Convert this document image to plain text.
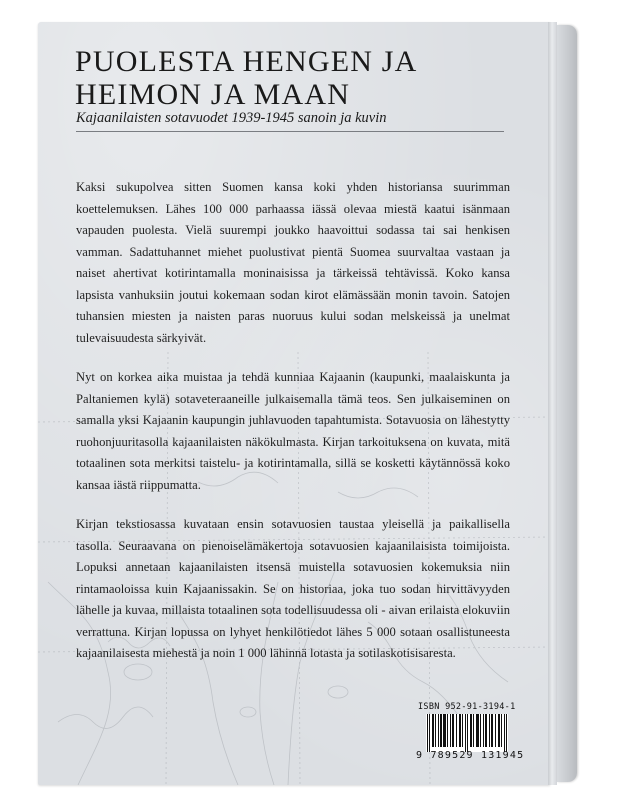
PUOLESTA HENGEN JA
HEIMON JA MAAN

Kajaanilaisten sotavuodet 1939-1945 sanoin ja kuvin

Kaksi sukupolvea sitten Suomen kansa koki yhden historiansa suurimman koettelemuksen. Lähes 100 000 parhaassa iässä olevaa miestä kaatui isänmaan vapauden puolesta. Vielä suurempi joukko haavoittui sodassa tai sai henkisen vamman. Sadattuhannet miehet puolustivat pientä Suomea suurvaltaa vastaan ja naiset ahertivat kotirintamalla moninaisissa ja tärkeissä tehtävissä. Koko kansa lapsista vanhuksiin joutui kokemaan sodan kirot elämässään monin tavoin. Satojen tuhansien miesten ja naisten paras nuoruus kului sodan melskeissä ja unelmat tulevaisuudesta särkyivät.

Nyt on korkea aika muistaa ja tehdä kunniaa Kajaanin (kaupunki, maalaiskunta ja Paltaniemen kylä) sotaveteraaneille julkaisemalla tämä teos. Sen julkaiseminen on samalla yksi Kajaanin kaupungin juhlavuoden tapahtumista. Sotavuosia on lähestytty ruohonjuuritasolla kajaanilaisten näkökulmasta. Kirjan tarkoituksena on kuvata, mitä totaalinen sota merkitsi taistelu- ja kotirintamalla, sillä se kosketti käytännössä koko kansaa iästä riippumatta.

Kirjan tekstiosassa kuvataan ensin sotavuosien taustaa yleisellä ja paikallisella tasolla. Seuraavana on pienoiselämäkertoja sotavuosien kajaanilaisista toimijoista. Lopuksi annetaan kajaanilaisten itsensä muistella sotavuosien kokemuksia niin rintamaoloissa kuin Kajaanissakin. Se on historiaa, joka tuo sodan hirvittävyyden lähelle ja kuvaa, millaista totaalinen sota todellisuudessa oli - aivan erilaista elokuviin verrattuna. Kirjan lopussa on lyhyet henkilötiedot lähes 5 000 sotaan osallistuneesta kajaanilaisesta miehestä ja noin 1 000 lähinnä lotasta ja sotilaskotisisaresta.

ISBN 952-91-3194-1
9 789529 131945
